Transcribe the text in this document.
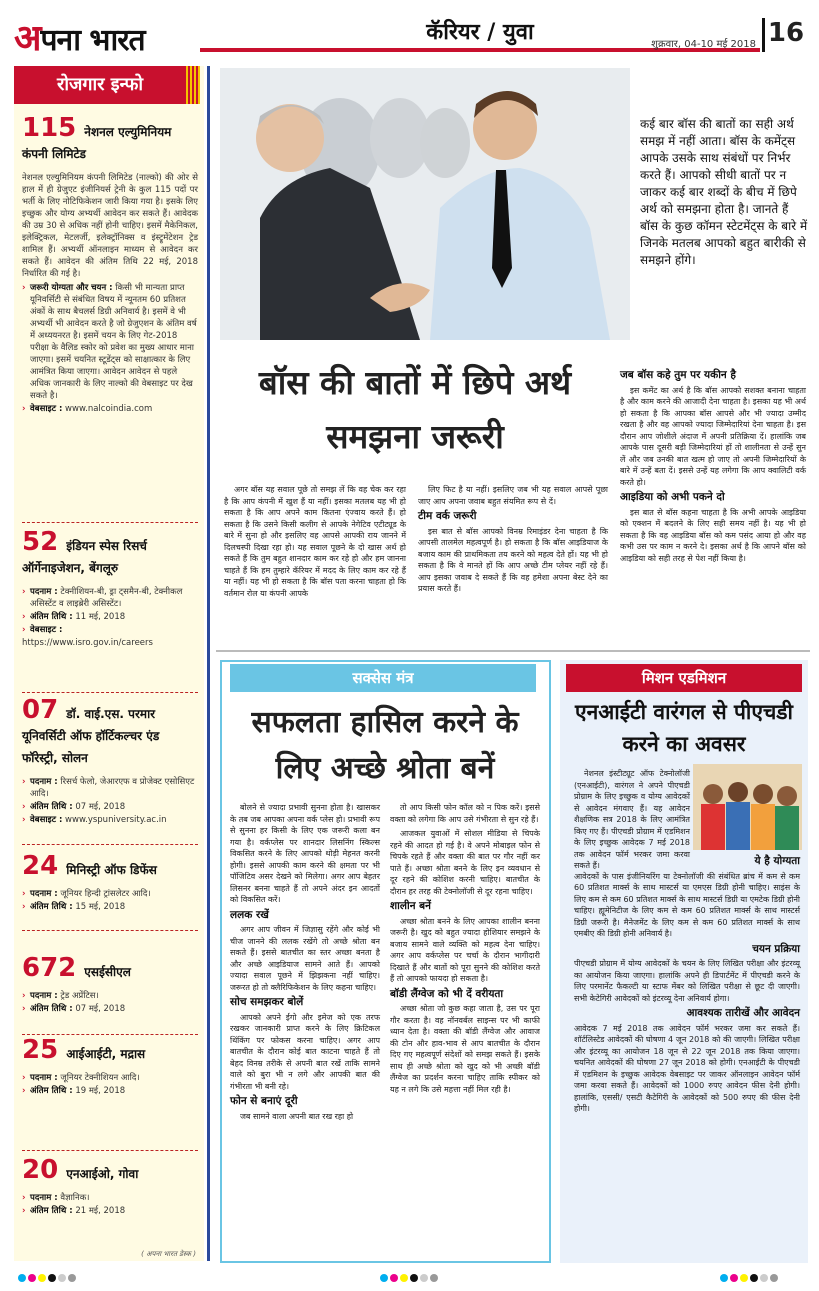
अपना भारत	कॅरियर / युवा	शुक्रवार, 04-10 मई 2018 16
रोजगार इन्फो
115 नेशनल एल्युमिनियम कंपनी लिमिटेड

नेशनल एल्युमिनियम कंपनी लिमिटेड (नाल्को) की ओर से हाल में ही ग्रेजुएट इंजीनियर्स ट्रेनी के कुल 115 पदों पर भर्ती के लिए नोटिफिकेशन जारी किया गया है। इसके लिए इच्छुक और योग्य अभ्यर्थी आवेदन कर सकते हैं। आवेदक की उम्र 30 से अधिक नहीं होनी चाहिए। इसमें मैकेनिकल, इलेक्ट्रिकल, मेटलर्जी, इलेक्ट्रॉनिक्स व इंस्ट्रूमेंटेशन ट्रेड शामिल हैं। अभ्यर्थी ऑनलाइन माध्यम से आवेदन कर सकते हैं। आवेदन की अंतिम तिथि 22 मई, 2018 निर्धारित की गई है।

› जरूरी योग्यता और चयन : किसी भी मान्यता प्राप्त यूनिवर्सिटी से संबंधित विषय में न्यूनतम 60 प्रतिशत अंकों के साथ बैचलर्स डिग्री अनिवार्य है। इसमें वे भी अभ्यर्थी भी आवेदन करते है जो ग्रेजुएशन के अंतिम वर्ष में अध्ययनरत है। इसमें चयन के लिए गेट-2018 परीक्षा के वैलिड स्कोर को प्रवेश का मुख्य आधार माना जाएगा। इसमें चयनित स्टूडेंट्स को साक्षात्कार के लिए आमंत्रित किया जाएगा। आवेदन आवेदन से पहले अधिक जानकारी के लिए नाल्को की वेबसाइट पर देख सकते है।
› वेबसाइट : www.nalcoindia.com
52 इंडियन स्पेस रिसर्च ऑर्गेनाइजेशन, बेंगलूरु
› पदनाम : टेक्नीशियन-बी, ड्रा ट्समैन-बी, टेक्नीकल असिस्टेंट व लाइब्रेरी असिस्टेंट।
› अंतिम तिथि : 11 मई, 2018
› वेबसाइट :
https://www.isro.gov.in/careers
07 डॉ. वाई.एस. परमार यूनिवर्सिटी ऑफ हॉर्टिकल्चर एंड फॉरेस्ट्री, सोलन
› पदनाम : रिसर्च फेलो, जेआरएफ व प्रोजेक्ट एसोसिएट आदि।
› अंतिम तिथि : 07 मई, 2018
› वेबसाइट : www.yspuniversity.ac.in
24 मिनिस्ट्री ऑफ डिफेंस
› पदनाम : जूनियर हिन्दी ट्रांसलेटर आदि।
› अंतिम तिथि : 15 मई, 2018
672 एसईसीएल
› पदनाम : ट्रेड अप्रेंटिस।
› अंतिम तिथि : 07 मई, 2018
25 आईआईटी, मद्रास
› पदनाम : जूनियर टेक्नीशियन आदि।
› अंतिम तिथि : 19 मई, 2018
20 एनआईओ, गोवा
› पदनाम : वैज्ञानिक।
› अंतिम तिथि : 21 मई, 2018
( अपना भारत डेस्क )
कई बार बॉस की बातों का सही अर्थ समझ में नहीं आता। बॉस के कमेंट्स आपके उसके साथ संबंधों पर निर्भर करते हैं। आपको सीधी बातों पर न जाकर कई बार शब्दों के बीच में छिपे अर्थ को समझना होता है। जानते हैं बॉस के कुछ कॉमन स्टेटमेंट्स के बारे में जिनके मतलब आपको बहुत बारीकी से समझने होंगे।
बॉस की बातों में छिपे अर्थ समझना जरूरी

अगर बॉस यह सवाल पूछे तो समझ लें कि वह चेक कर रहा है कि आप कंपनी में खुश हैं या नहीं। इसका मतलब यह भी हो सकता है कि आप अपने काम कितना एंज्वाय करते हैं। हो सकता है कि उसने किसी कलीग से आपके नेगेटिव एटीट्यूड के बारे में सुना हो और इसलिए वह आपसे आपकी राय जानने में दिलचस्पी दिखा रहा हो। यह सवाल पूछने के दो खास अर्थ हो सकते हैं कि तुम बहुत शानदार काम कर रहे हो और हम जानना चाहते हैं कि हम तुम्हारे कॅरियर में मदद के लिए काम कर रहे हैं या नहीं। यह भी हो सकता है कि बॉस पता करना चाहता हो कि वर्तमान रोल या कंपनी आपके

लिए फिट है या नहीं। इसलिए जब भी यह सवाल आपसे पूछा जाए आप अपना जवाब बहुत संयमित रूप से दें।

टीम वर्क जरूरी

इस बात से बॉस आपको विनम्र रिमाइंडर देना चाहता है कि आपसी तालमेल महत्वपूर्ण है। हो सकता है कि बॉस आइडियाज के बजाय काम की प्राथमिकता तय करने को महत्व देते हों। यह भी हो सकता है कि वे मानते हों कि आप अच्छे टीम प्लेयर नहीं रहे हैं। आप इसका जवाब दे सकते हैं कि वह हमेशा अपना बेस्ट देने का प्रयास करते हैं।

जब बॉस कहे तुम पर यकीन है

इस कमेंट का अर्थ है कि बॉस आपको सशक्त बनाना चाहता है और काम करने की आजादी देना चाहता है। इसका यह भी अर्थ हो सकता है कि आपका बॉस आपसे और भी ज्यादा उम्मीद रखता है और वह आपको ज्यादा जिम्मेदारियां देना चाहता है। इस दौरान आप जोशीले अंदाज में अपनी प्रतिक्रिया दें। हालांकि जब आपके पास दूसरी बड़ी जिम्मेदारियां हों तो शालीनता से उन्हें सुन लें और जब उनकी बात खत्म हो जाए तो अपनी जिम्मेदारियों के बारे में उन्हें बता दें। इससे उन्हें यह लगेगा कि आप क्वालिटी वर्क करते हो।

आइडिया को अभी पकने दो

इस बात से बॉस कहना चाहता है कि अभी आपके आइडिया को एक्शन में बदलने के लिए सही समय नहीं है। यह भी हो सकता है कि वह आइडिया बॉस को कम पसंद आया हो और वह कभी उस पर काम न करने दे। इसका अर्थ है कि आपने बॉस को आइडिया को सही तरह से पेश नहीं किया है।

सक्सेस मंत्र
सफलता हासिल करने के लिए अच्छे श्रोता बनें

बोलने से ज्यादा प्रभावी सुनना होता है। खासकर के तब जब आपका अपना वर्क प्लेस हो। प्रभावी रूप से सुनना हर किसी के लिए एक जरूरी कला बन गया है। वर्कप्लेस पर शानदार लिसनिंग स्किल्स विकसित करने के लिए आपको थोड़ी मेहनत करनी होगी। इससे आपकी काम करने की क्षमता पर भी पॉजिटिव असर देखने को मिलेगा। अगर आप बेहतर लिसनर बनना चाहते हैं तो अपने अंदर इन आदतों को विकसित करें।

ललक रखें

अगर आप जीवन में जिज्ञासु रहेंगे और कोई भी चीज जानने की ललक रखेंगे तो अच्छे श्रोता बन सकते हैं। इससे बातचीत का स्तर अच्छा बनता है और अच्छे आइडियाज सामने आते हैं। आपको ज्यादा सवाल पूछने में झिझकना नहीं चाहिए। जरूरत हो तो क्लैरिफिकेशन के लिए कहना चाहिए।

सोच समझकर बोलें

आपको अपने ईगो और इमेज को एक तरफ रखकर जानकारी प्राप्त करने के लिए क्रिटिकल थिंकिंग पर फोकस करना चाहिए। अगर आप बातचीत के दौरान कोई बात काटना चाहते हैं तो बेहद विनम्र तरीके से अपनी बात रखें ताकि सामने वाले को बुरा भी न लगे और आपकी बात की गंभीरता भी बनी रहे।

फोन से बनाएं दूरी

जब सामने वाला अपनी बात रख रहा हो

तो आप किसी फोन कॉल को न पिक करें। इससे वक्ता को लगेगा कि आप उसे गंभीरता से सुन रहे हैं।

आजकल युवाओं में सोशल मीडिया से चिपके रहने की आदत हो गई है। वे अपने मोबाइल फोन से चिपके रहते हैं और वक्ता की बात पर गौर नहीं कर पाते हैं। अच्छा श्रोता बनने के लिए इन व्यवधान से दूर रहने की कोशिश करनी चाहिए। बातचीत के दौरान हर तरह की टेक्नोलॉजी से दूर रहना चाहिए।

शालीन बनें

अच्छा श्रोता बनने के लिए आपका शालीन बनना जरूरी है। खुद को बहुत ज्यादा होशियार समझने के बजाय सामने वाले व्यक्ति को महत्व देना चाहिए। अगर आप वर्कप्लेस पर चर्चा के दौरान भागीदारी दिखाते हैं और बातों को पूरा सुनने की कोशिश करते हैं तो आपको फायदा हो सकता है।

बॉडी लैंग्वेज को भी दें वरीयता

अच्छा श्रोता जो कुछ कहा जाता है, उस पर पूरा गौर करता है। वह नॉनवर्बल साइन्स पर भी काफी ध्यान देता है। वक्ता की बॉडी लैंग्वेज और आवाज की टोन और हाव-भाव से आप बातचीत के दौरान दिए गए महत्वपूर्ण संदेशों को समझ सकते हैं। इसके साथ ही अच्छे श्रोता को खुद को भी अच्छी बॉडी लैंग्वेज का प्रदर्शन करना चाहिए ताकि स्पीकर को यह न लगे कि उसे महत्ता नहीं मिल रही है।

मिशन एडमिशन
एनआईटी वारंगल से पीएचडी करने का अवसर

नेशनल इंस्टीट्यूट ऑफ टेक्नोलॉजी (एनआईटी), वारंगल ने अपने पीएचडी प्रोग्राम के लिए इच्छुक व योग्य आवेदकों से आवेदन मंगवाए हैं। यह आवेदन शैक्षणिक सत्र 2018 के लिए आमंत्रित किए गए हैं। पीएचडी प्रोग्राम में एडमिशन के लिए इच्छुक आवेदक 7 मई 2018 तक आवेदन फॉर्म भरकर जमा करवा सकते हैं।	ये है योग्यता

आवेदकों के पास इंजीनियरिंग या टेक्नोलॉजी की संबंधित ब्रांच में कम से कम 60 प्रतिशत मार्क्स के साथ मास्टर्स या एमएस डिग्री होनी चाहिए। साइंस के लिए कम से कम 60 प्रतिशत मार्क्स के साथ मास्टर्स डिग्री या एमटेक डिग्री होनी चाहिए। ह्यूमेनिटीज के लिए कम से कम 60 प्रतिशत मार्क्स के साथ मास्टर्स डिग्री जरूरी है। मैनेजमेंट के लिए कम से कम 60 प्रतिशत मार्क्स के साथ एमबीए की डिग्री होनी अनिवार्य है।

चयन प्रक्रिया

पीएचडी प्रोग्राम में योग्य आवेदकों के चयन के लिए लिखित परीक्षा और इंटरव्यू का आयोजन किया जाएगा। हालांकि अपने ही डिपार्टमेंट में पीएचडी करने के लिए परमानेंट फैकल्टी या स्टाफ मेंबर को लिखित परीक्षा से छूट दी जाएगी। सभी केटेगिरी आवेदकों को इंटरव्यू देना अनिवार्य होगा।

आवश्यक तारीखें और आवेदन

आवेदक 7 मई 2018 तक आवेदन फॉर्म भरकर जमा कर सकते हैं। शॉर्टलिस्टेड आवेदकों की घोषणा 4 जून 2018 को की जाएगी। लिखित परीक्षा और इंटरव्यू का आयोजन 18 जून से 22 जून 2018 तक किया जाएगा। चयनित आवेदकों की घोषणा 27 जून 2018 को होगी। एनआईटी के पीएचडी में एडमिशन के इच्छुक आवेदक वेबसाइट पर जाकर ऑनलाइन आवेदन फॉर्म जमा करवा सकते हैं। आवेदकों को 1000 रुपए आवेदन फीस देनी होगी। हालांकि, एससी/ एसटी कैटेगिरी के आवेदकों को 500 रुपए की फीस देनी होगी।
